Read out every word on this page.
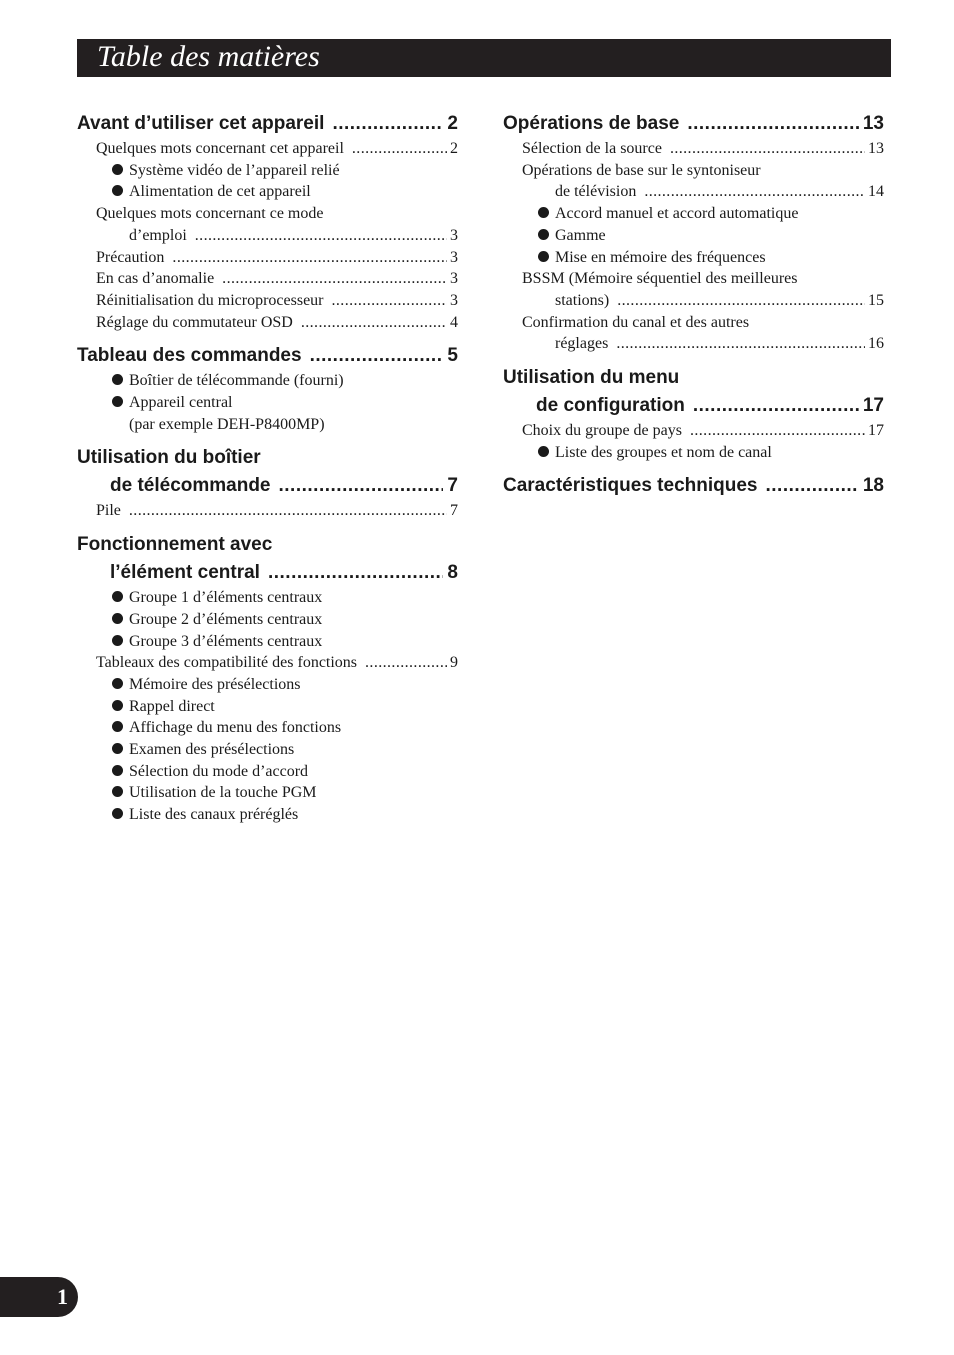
Table des matières
Avant d’utiliser cet appareil .....	2
Quelques mots concernant cet appareil .....	2
Système vidéo de l’appareil relié
Alimentation de cet appareil
Quelques mots concernant ce mode
d’emploi .....	3
Précaution .....	3
En cas d’anomalie .....	3
Réinitialisation du microprocesseur .....	3
Réglage du commutateur OSD .....	4
Tableau des commandes .....	5
Boîtier de télécommande (fourni)
Appareil central
(par exemple DEH-P8400MP)
Utilisation du boîtier
de télécommande .....	7
Pile .....	7
Fonctionnement avec
l’élément central .....	8
Groupe 1 d’éléments centraux
Groupe 2 d’éléments centraux
Groupe 3 d’éléments centraux
Tableaux des compatibilité des fonctions .....	9
Mémoire des présélections
Rappel direct
Affichage du menu des fonctions
Examen des présélections
Sélection du mode d’accord
Utilisation de la touche PGM
Liste des canaux préréglés
Opérations de base .....	13
Sélection de la source .....	13
Opérations de base sur le syntoniseur
de télévision .....	14
Accord manuel et accord automatique
Gamme
Mise en mémoire des fréquences
BSSM (Mémoire séquentiel des meilleures
stations) .....	15
Confirmation du canal et des autres
réglages .....	16
Utilisation du menu
de configuration .....	17
Choix du groupe de pays .....	17
Liste des groupes et nom de canal
Caractéristiques techniques .....	18
1
